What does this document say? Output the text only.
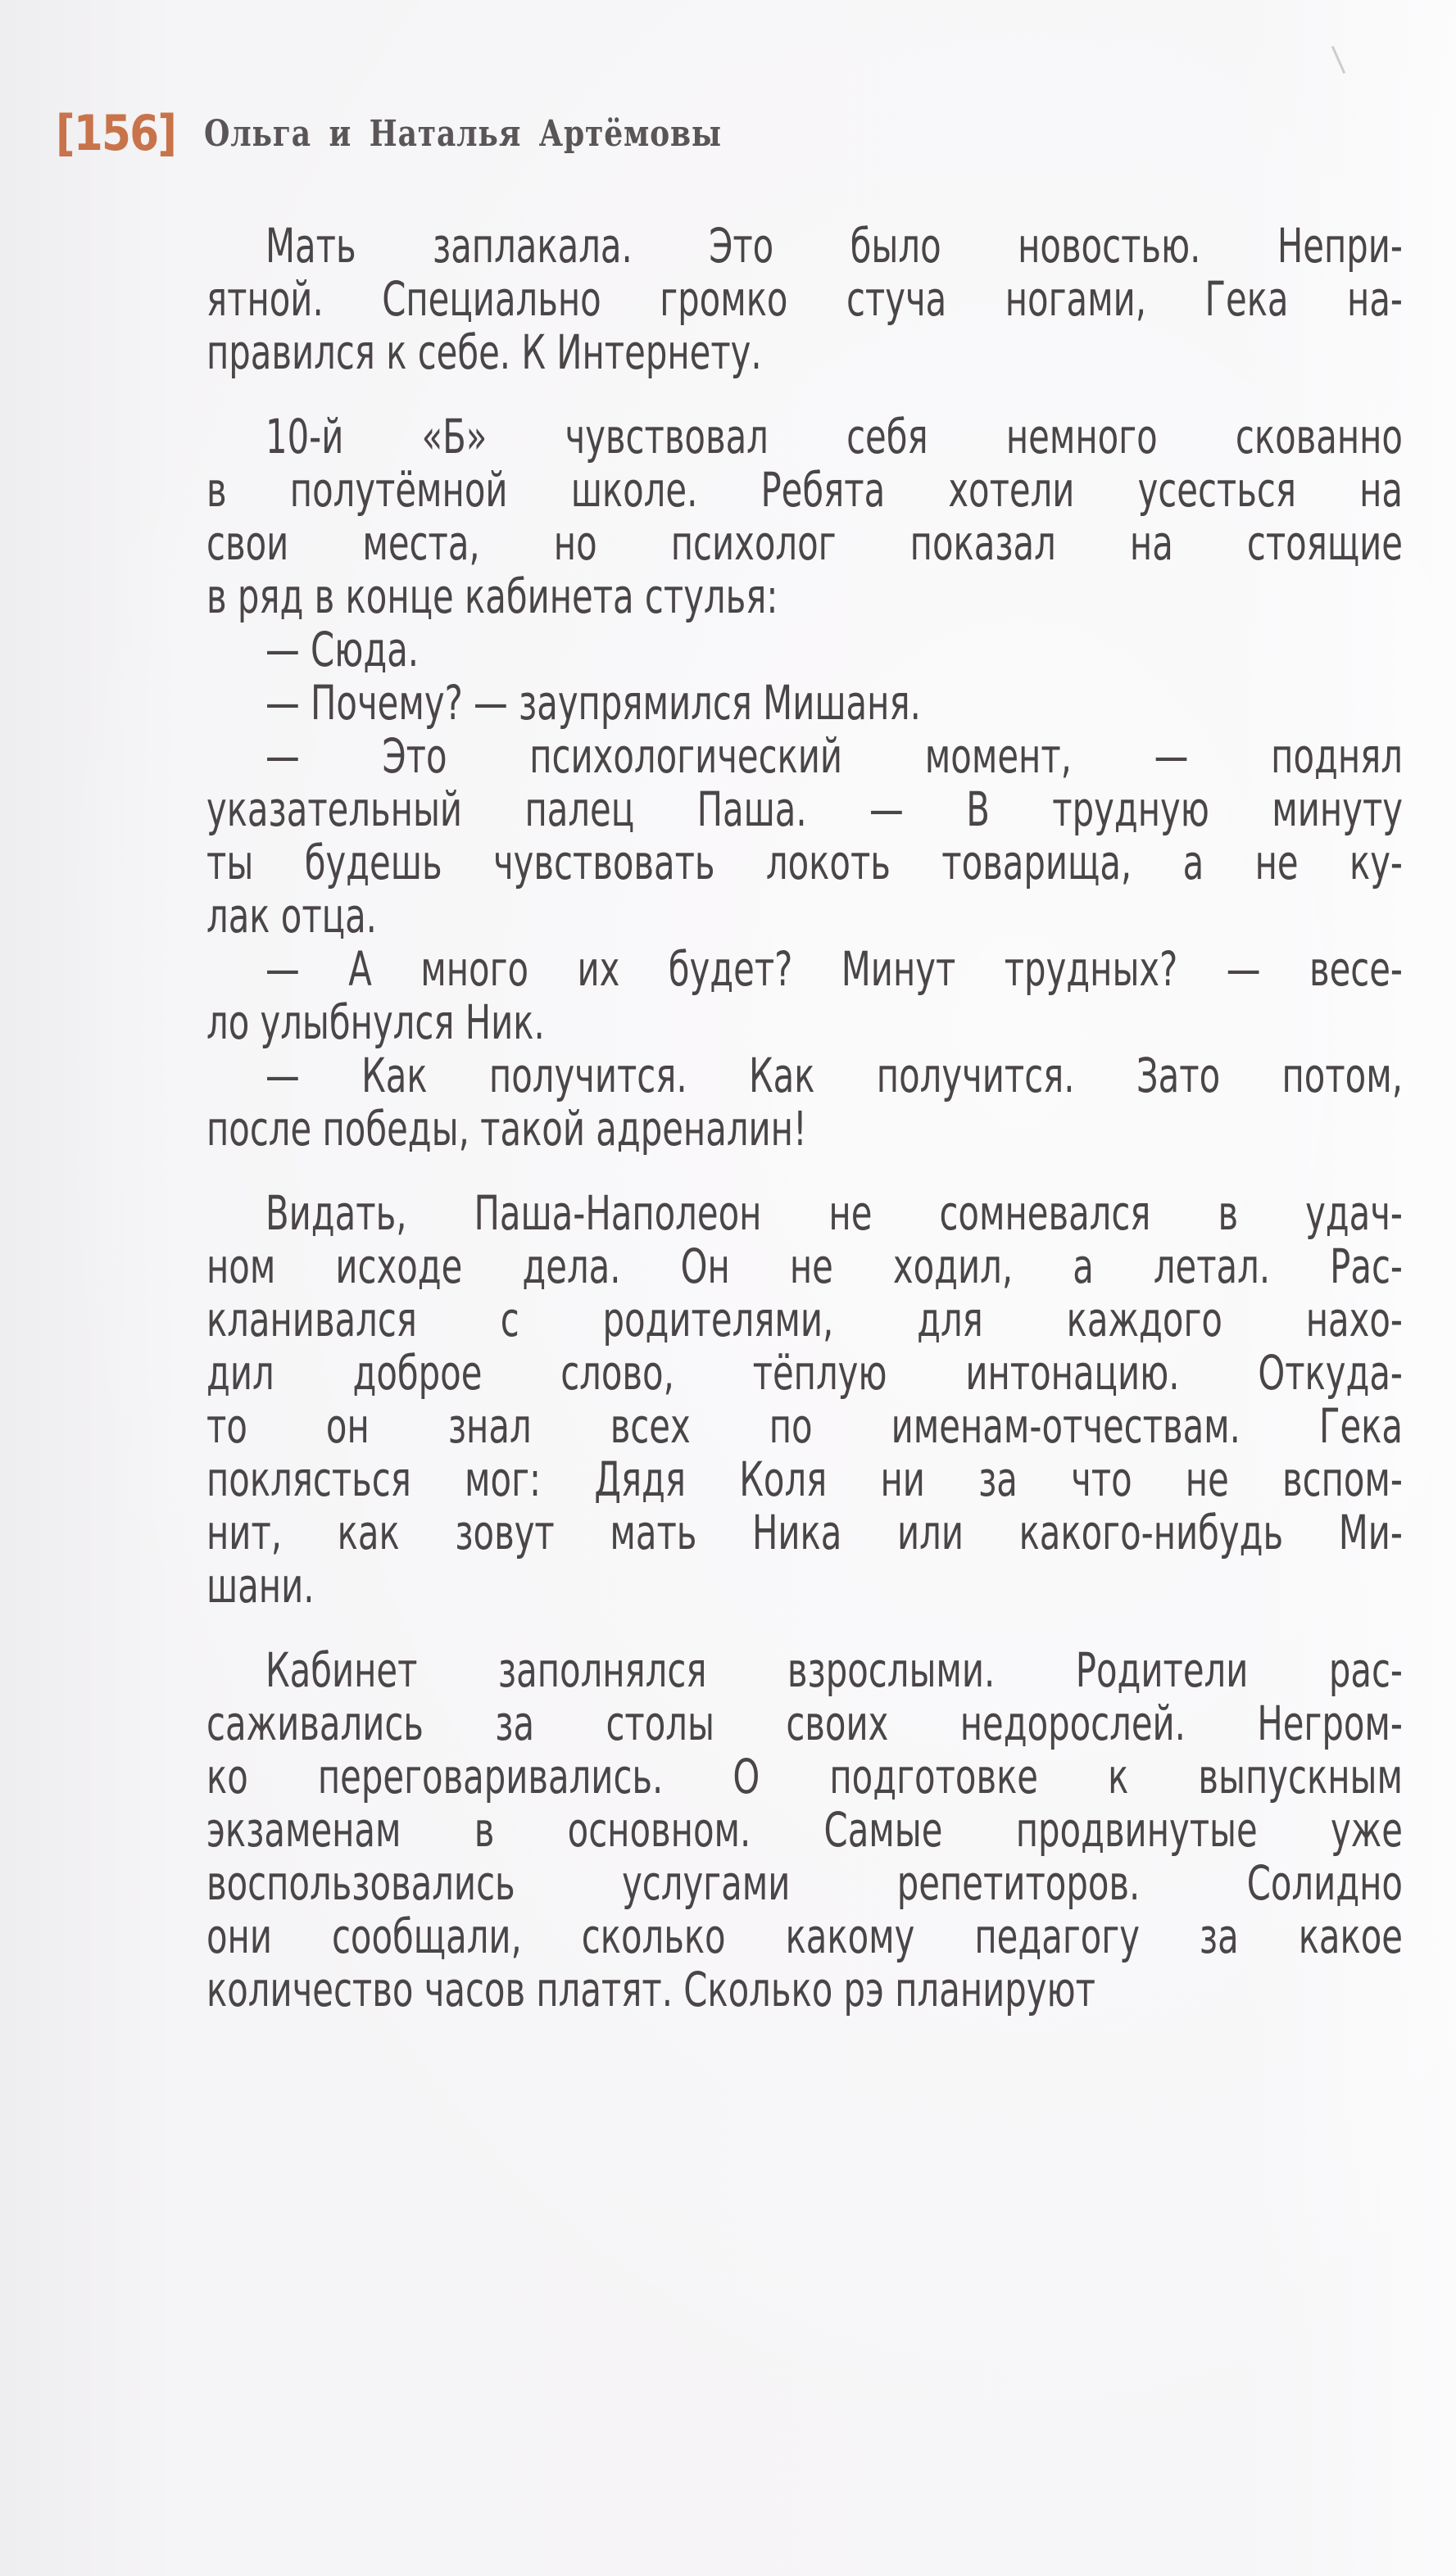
[156] Ольга и Наталья Артёмовы
Мать заплакала. Это было новостью. Непри-
ятной. Специально громко стуча ногами, Гека на-
правился к себе. К Интернету.
10-й «Б» чувствовал себя немного скованно
в полутёмной школе. Ребята хотели усесться на
свои места, но психолог показал на стоящие
в ряд в конце кабинета стулья:
— Сюда.
— Почему? — заупрямился Мишаня.
— Это психологический момент, — поднял
указательный палец Паша. — В трудную минуту
ты будешь чувствовать локоть товарища, а не ку-
лак отца.
— А много их будет? Минут трудных? — весе-
ло улыбнулся Ник.
— Как получится. Как получится. Зато потом,
после победы, такой адреналин!
Видать, Паша-Наполеон не сомневался в удач-
ном исходе дела. Он не ходил, а летал. Рас-
кланивался с родителями, для каждого нахо-
дил доброе слово, тёплую интонацию. Откуда-
то он знал всех по именам-отчествам. Гека
поклясться мог: Дядя Коля ни за что не вспом-
нит, как зовут мать Ника или какого-нибудь Ми-
шани.
Кабинет заполнялся взрослыми. Родители рас-
саживались за столы своих недорослей. Негром-
ко переговаривались. О подготовке к выпускным
экзаменам в основном. Самые продвинутые уже
воспользовались услугами репетиторов. Солидно
они сообщали, сколько какому педагогу за какое
количество часов платят. Сколько рэ планируют
